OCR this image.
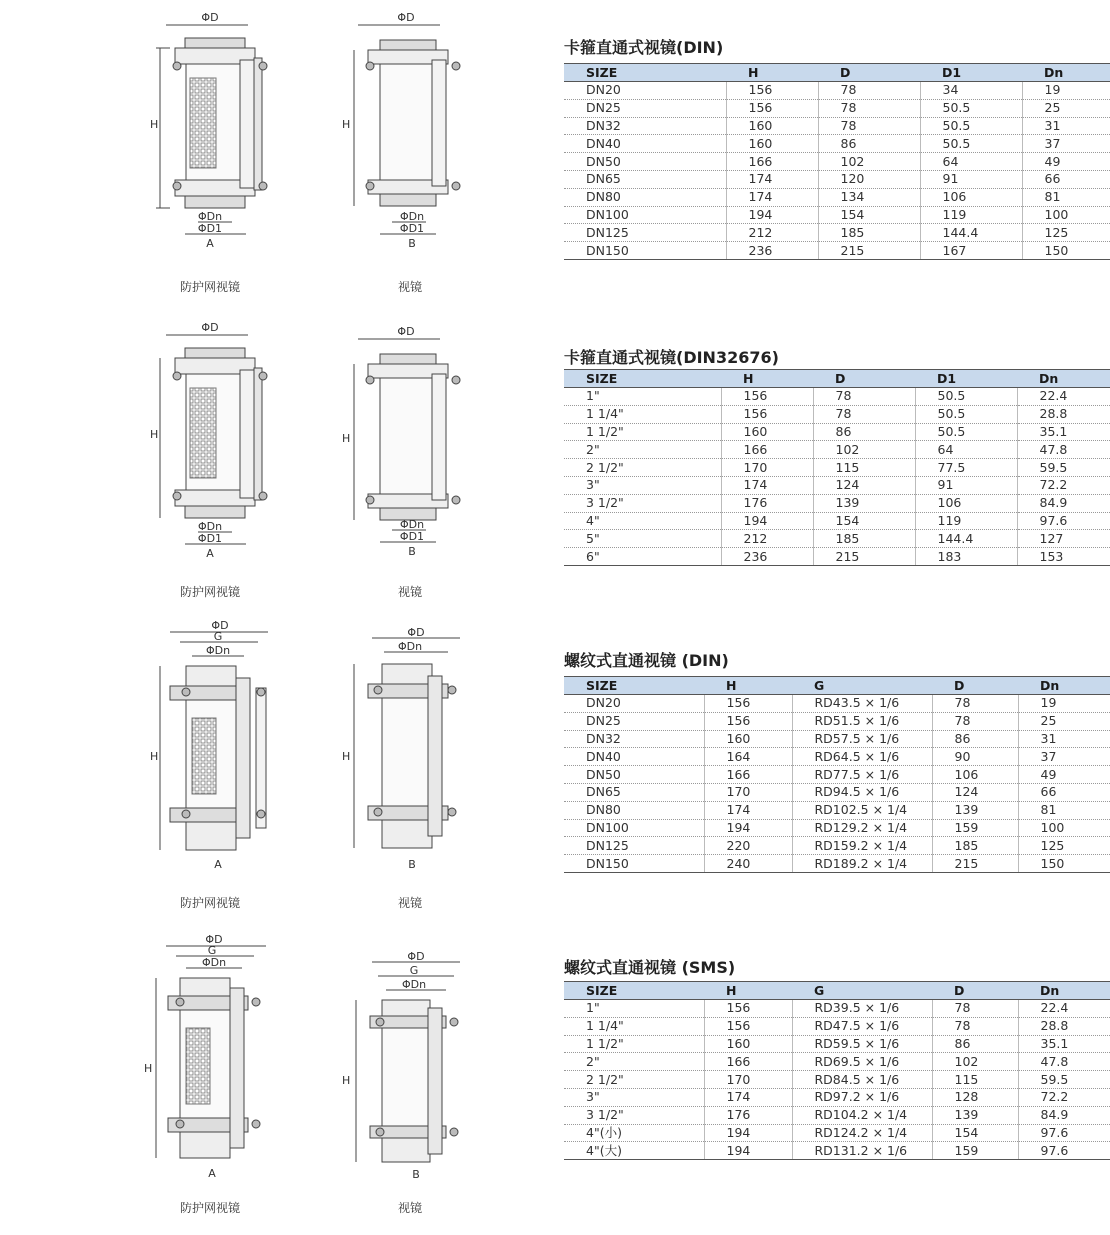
ΦD
H
ΦDn
ΦD1
A
防护网视镜
ΦD
H
ΦDn
ΦD1
B
视镜
卡箍直通式视镜(DIN)
SIZE	H	D	D1	Dn
DN20	156	78	34	19
DN25	156	78	50.5	25
DN32	160	78	50.5	31
DN40	160	86	50.5	37
DN50	166	102	64	49
DN65	174	120	91	66
DN80	174	134	106	81
DN100	194	154	119	100
DN125	212	185	144.4	125
DN150	236	215	167	150
ΦD
H
ΦDn
ΦD1
A
防护网视镜
ΦD
H
ΦDn
ΦD1
B
视镜
卡箍直通式视镜(DIN32676)
SIZE	H	D	D1	Dn
1"	156	78	50.5	22.4
1 1/4"	156	78	50.5	28.8
1 1/2"	160	86	50.5	35.1
2"	166	102	64	47.8
2 1/2"	170	115	77.5	59.5
3"	174	124	91	72.2
3 1/2"	176	139	106	84.9
4"	194	154	119	97.6
5"	212	185	144.4	127
6"	236	215	183	153
ΦD
G
ΦDn
H
A
防护网视镜
ΦD
ΦDn
H
B
视镜
螺纹式直通视镜 (DIN)
SIZE	H	G	D	Dn
DN20	156	RD43.5 × 1/6	78	19
DN25	156	RD51.5 × 1/6	78	25
DN32	160	RD57.5 × 1/6	86	31
DN40	164	RD64.5 × 1/6	90	37
DN50	166	RD77.5 × 1/6	106	49
DN65	170	RD94.5 × 1/6	124	66
DN80	174	RD102.5 × 1/4	139	81
DN100	194	RD129.2 × 1/4	159	100
DN125	220	RD159.2 × 1/4	185	125
DN150	240	RD189.2 × 1/4	215	150
ΦD
G
ΦDn
H
A
防护网视镜
ΦD
G
ΦDn
H
B
视镜
螺纹式直通视镜 (SMS)
SIZE	H	G	D	Dn
1"	156	RD39.5 × 1/6	78	22.4
1 1/4"	156	RD47.5 × 1/6	78	28.8
1 1/2"	160	RD59.5 × 1/6	86	35.1
2"	166	RD69.5 × 1/6	102	47.8
2 1/2"	170	RD84.5 × 1/6	115	59.5
3"	174	RD97.2 × 1/6	128	72.2
3 1/2"	176	RD104.2 × 1/4	139	84.9
4"(小)	194	RD124.2 × 1/4	154	97.6
4"(大)	194	RD131.2 × 1/6	159	97.6
